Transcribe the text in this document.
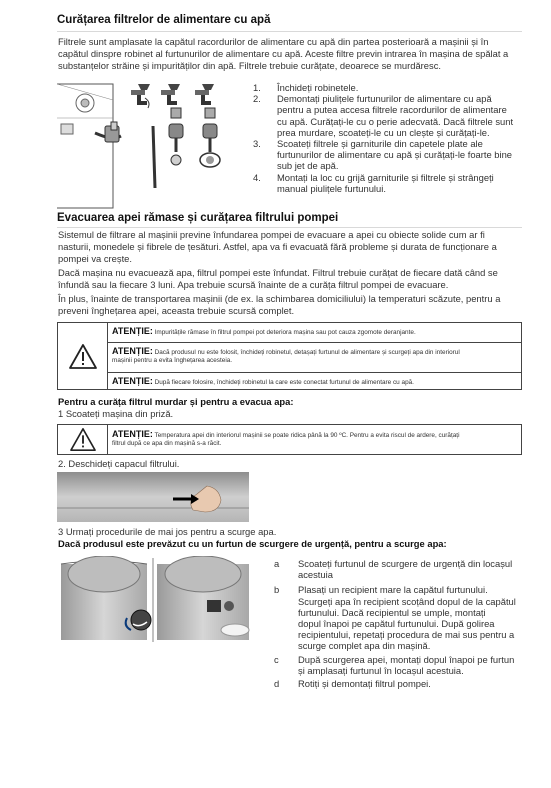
Curățarea filtrelor de alimentare cu apă
Filtrele sunt amplasate la capătul racordurilor de alimentare cu apă din partea posterioară a mașinii și în
capătul dinspre robinet al furtunurilor de alimentare cu apă. Aceste filtre previn intrarea în mașina de spălat a
substanțelor străine și impurităților din apă. Filtrele trebuie curățate, deoarece se murdăresc.
1. Închideți robinetele.
2. Demontați piulițele furtunurilor de alimentare cu apă
pentru a putea accesa filtrele racordurilor de alimentare
cu apă. Curățați-le cu o perie adecvată. Dacă filtrele sunt
prea murdare, scoateți-le cu un clește și curățați-le.
3. Scoateți filtrele și garniturile din capetele plate ale
furtunurilor de alimentare cu apă și curățați-le foarte bine
sub jet de apă.
4. Montați la loc cu grijă garniturile și filtrele și strângeți
manual piulițele furtunului.
Evacuarea apei rămase și curățarea filtrului pompei
Sistemul de filtrare al mașinii previne înfundarea pompei de evacuare a apei cu obiecte solide cum ar fi
nasturii, monedele și fibrele de țesături. Astfel, apa va fi evacuată fără probleme și durata de funcționare a
pompei va crește.
Dacă mașina nu evacuează apa, filtrul pompei este înfundat. Filtrul trebuie curățat de fiecare dată când se
înfundă sau la fiecare 3 luni. Apa trebuie scursă înainte de a curăța filtrul pompei de evacuare.
În plus, înainte de transportarea mașinii (de ex. la schimbarea domiciliului) la temperaturi scăzute, pentru a
preveni înghețarea apei, aceasta trebuie scursă complet.
ATENȚIE: Impuritățile rămase în filtrul pompei pot deteriora mașina sau pot cauza zgomote deranjante.
ATENȚIE: Dacă produsul nu este folosit, închideți robinetul, detașați furtunul de alimentare și scurgeți apa din interiorul
mașinii pentru a evita înghețarea acesteia.
ATENȚIE: După fiecare folosire, închideți robinetul la care este conectat furtunul de alimentare cu apă.
Pentru a curăța filtrul murdar și pentru a evacua apa:
1 Scoateți mașina din priză.
ATENȚIE: Temperatura apei din interiorul mașinii se poate ridica până la 90 ºC. Pentru a evita riscul de ardere, curățați
filtrul după ce apa din mașină s-a răcit.
2. Deschideți capacul filtrului.
3 Urmați procedurile de mai jos pentru a scurge apa.
Dacă produsul este prevăzut cu un furtun de scurgere de urgență, pentru a scurge apa:
a Scoateți furtunul de scurgere de urgență din locașul
acestuia
b Plasați un recipient mare la capătul furtunului.
Scurgeți apa în recipient scoțând dopul de la capătul
furtunului. Dacă recipientul se umple, montați
dopul înapoi pe capătul furtunului. După golirea
recipientului, repetați procedura de mai sus pentru a
scurge complet apa din mașină.
c După scurgerea apei, montați dopul înapoi pe furtun
și amplasați furtunul în locașul acestuia.
d Rotiți și demontați filtrul pompei.
